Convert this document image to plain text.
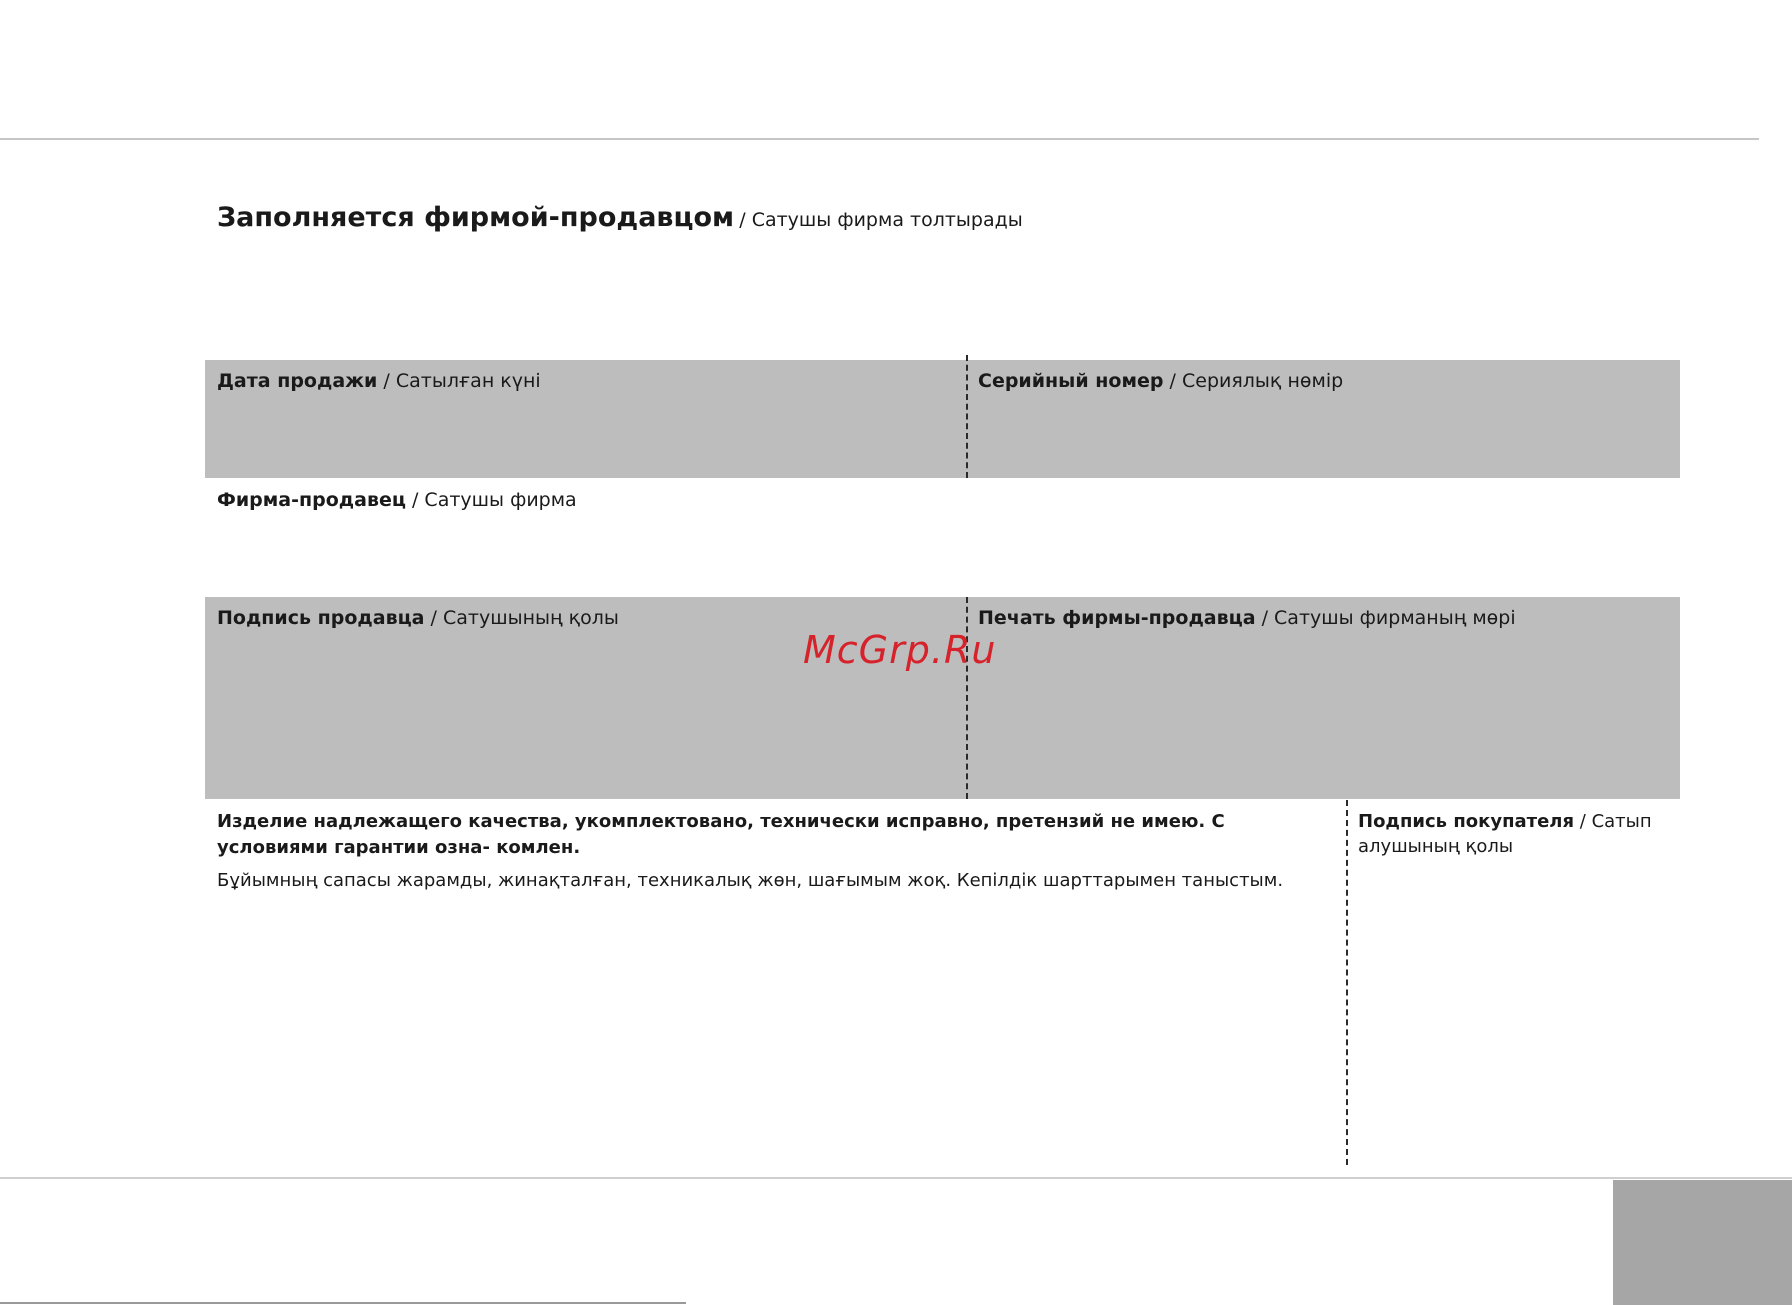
Заполняется фирмой-продавцом / Сатушы фирма толтырады
Дата продажи / Сатылған күні	Серийный номер / Сериялық нөмір
Фирма-продавец / Сатушы фирма
Подпись продавца / Сатушының қолы	Печать фирмы-продавца / Сатушы фирманың мөрі
McGrp.Ru
Изделие надлежащего качества, укомплектовано, технически исправно, претензий не имею. С условиями гарантии озна- комлен.
Бұйымның сапасы жарамды, жинақталған, техникалық жөн, шағымым жоқ. Кепілдік шарттарымен таныстым.
Подпись покупателя / Сатып алушының қолы
